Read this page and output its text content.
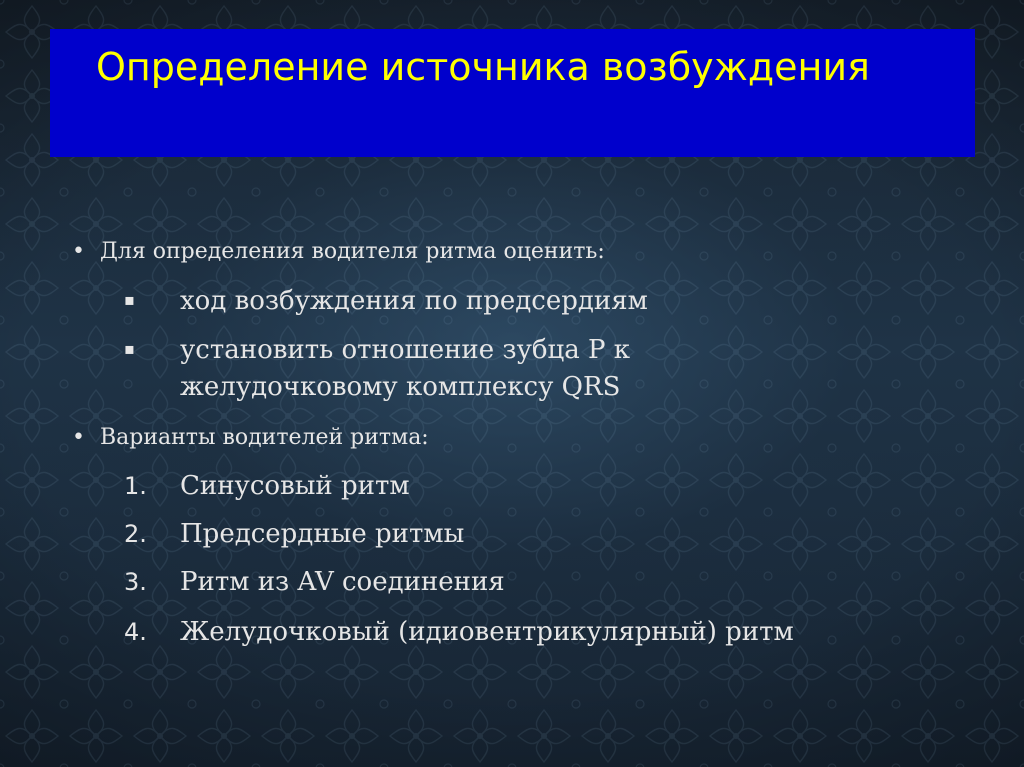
Определение источника возбуждения
• Для определения водителя ритма оценить:
▪ ход возбуждения по предсердиям
▪ установить отношение зубца Р к
желудочковому комплексу QRS
• Варианты водителей ритма:
1. Синусовый ритм
2. Предсердные ритмы
3. Ритм из AV соединения
4. Желудочковый (идиовентрикулярный) ритм
